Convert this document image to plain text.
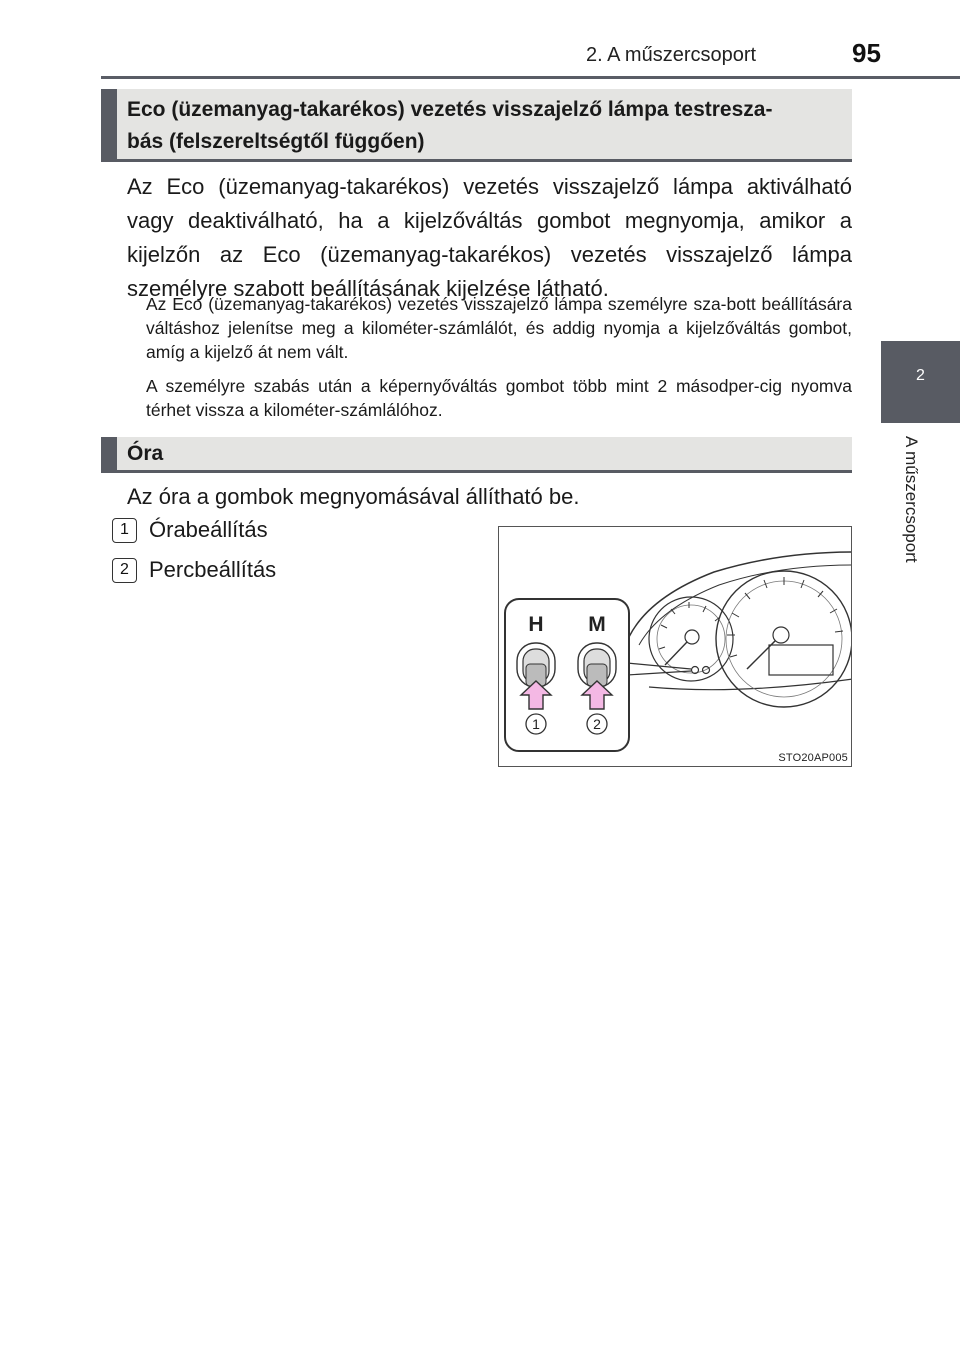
2. A műszercsoport	95
2
A műszercsoport
Eco (üzemanyag-takarékos) vezetés visszajelző lámpa testresza-
bás (felszereltségtől függően)
Az Eco (üzemanyag-takarékos) vezetés visszajelző lámpa aktiválható vagy deaktiválható, ha a kijelzőváltás gombot megnyomja, amikor a kijelzőn az Eco (üzemanyag-takarékos) vezetés visszajelző lámpa személyre szabott beállításának kijelzése látható.
Az Eco (üzemanyag-takarékos) vezetés visszajelző lámpa személyre sza-bott beállítására váltáshoz jelenítse meg a kilométer-számlálót, és addig nyomja a kijelzőváltás gombot, amíg a kijelző át nem vált.
A személyre szabás után a képernyőváltás gombot több mint 2 másodper-cig nyomva térhet vissza a kilométer-számlálóhoz.
Óra
Az óra a gombok megnyomásával állítható be.
1 Órabeállítás
2 Percbeállítás
H M
1	2
STO20AP005
